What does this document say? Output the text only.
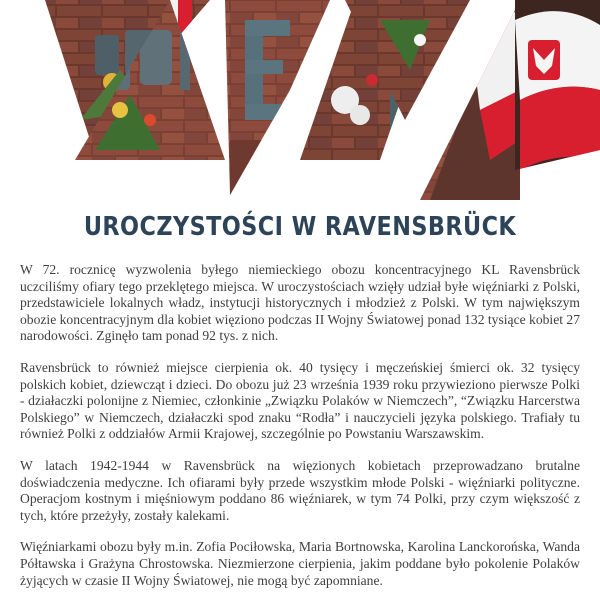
UROCZYSTOŚCI W RAVENSBRÜCK

W 72. rocznicę wyzwolenia byłego niemieckiego obozu koncentracyjnego KL Ravensbrück uczciliśmy ofiary tego przeklętego miejsca. W uroczystościach wzięły udział byłe więźniarki z Polski, przedstawiciele lokalnych władz, instytucji historycznych i młodzież z Polski. W tym największym obozie koncentracyjnym dla kobiet więziono podczas II Wojny Światowej ponad 132 tysiące kobiet 27 narodowości. Zginęło tam ponad 92 tys. z nich.

Ravensbrück to również miejsce cierpienia ok. 40 tysięcy i męczeńskiej śmierci ok. 32 tysięcy polskich kobiet, dziewcząt i dzieci. Do obozu już 23 września 1939 roku przywieziono pierwsze Polki - działaczki polonijne z Niemiec, członkinie „Związku Polaków w Niemczech”, “Związku Harcerstwa Polskiego” w Niemczech, działaczki spod znaku “Rodła” i nauczycieli języka polskiego. Trafiały tu również Polki z oddziałów Armii Krajowej, szczególnie po Powstaniu Warszawskim.

W latach 1942-1944 w Ravensbrück na więzionych kobietach przeprowadzano brutalne doświadczenia medyczne. Ich ofiarami były przede wszystkim młode Polski - więźniarki polityczne. Operacjom kostnym i mięśniowym poddano 86 więźniarek, w tym 74 Polki, przy czym większość z tych, które przeżyły, zostały kalekami.

Więźniarkami obozu były m.in. Zofia Pociłowska, Maria Bortnowska, Karolina Lanckorońska, Wanda Półtawska i Grażyna Chrostowska. Niezmierzone cierpienia, jakim poddane było pokolenie Polaków żyjących w czasie II Wojny Światowej, nie mogą być zapomniane.
